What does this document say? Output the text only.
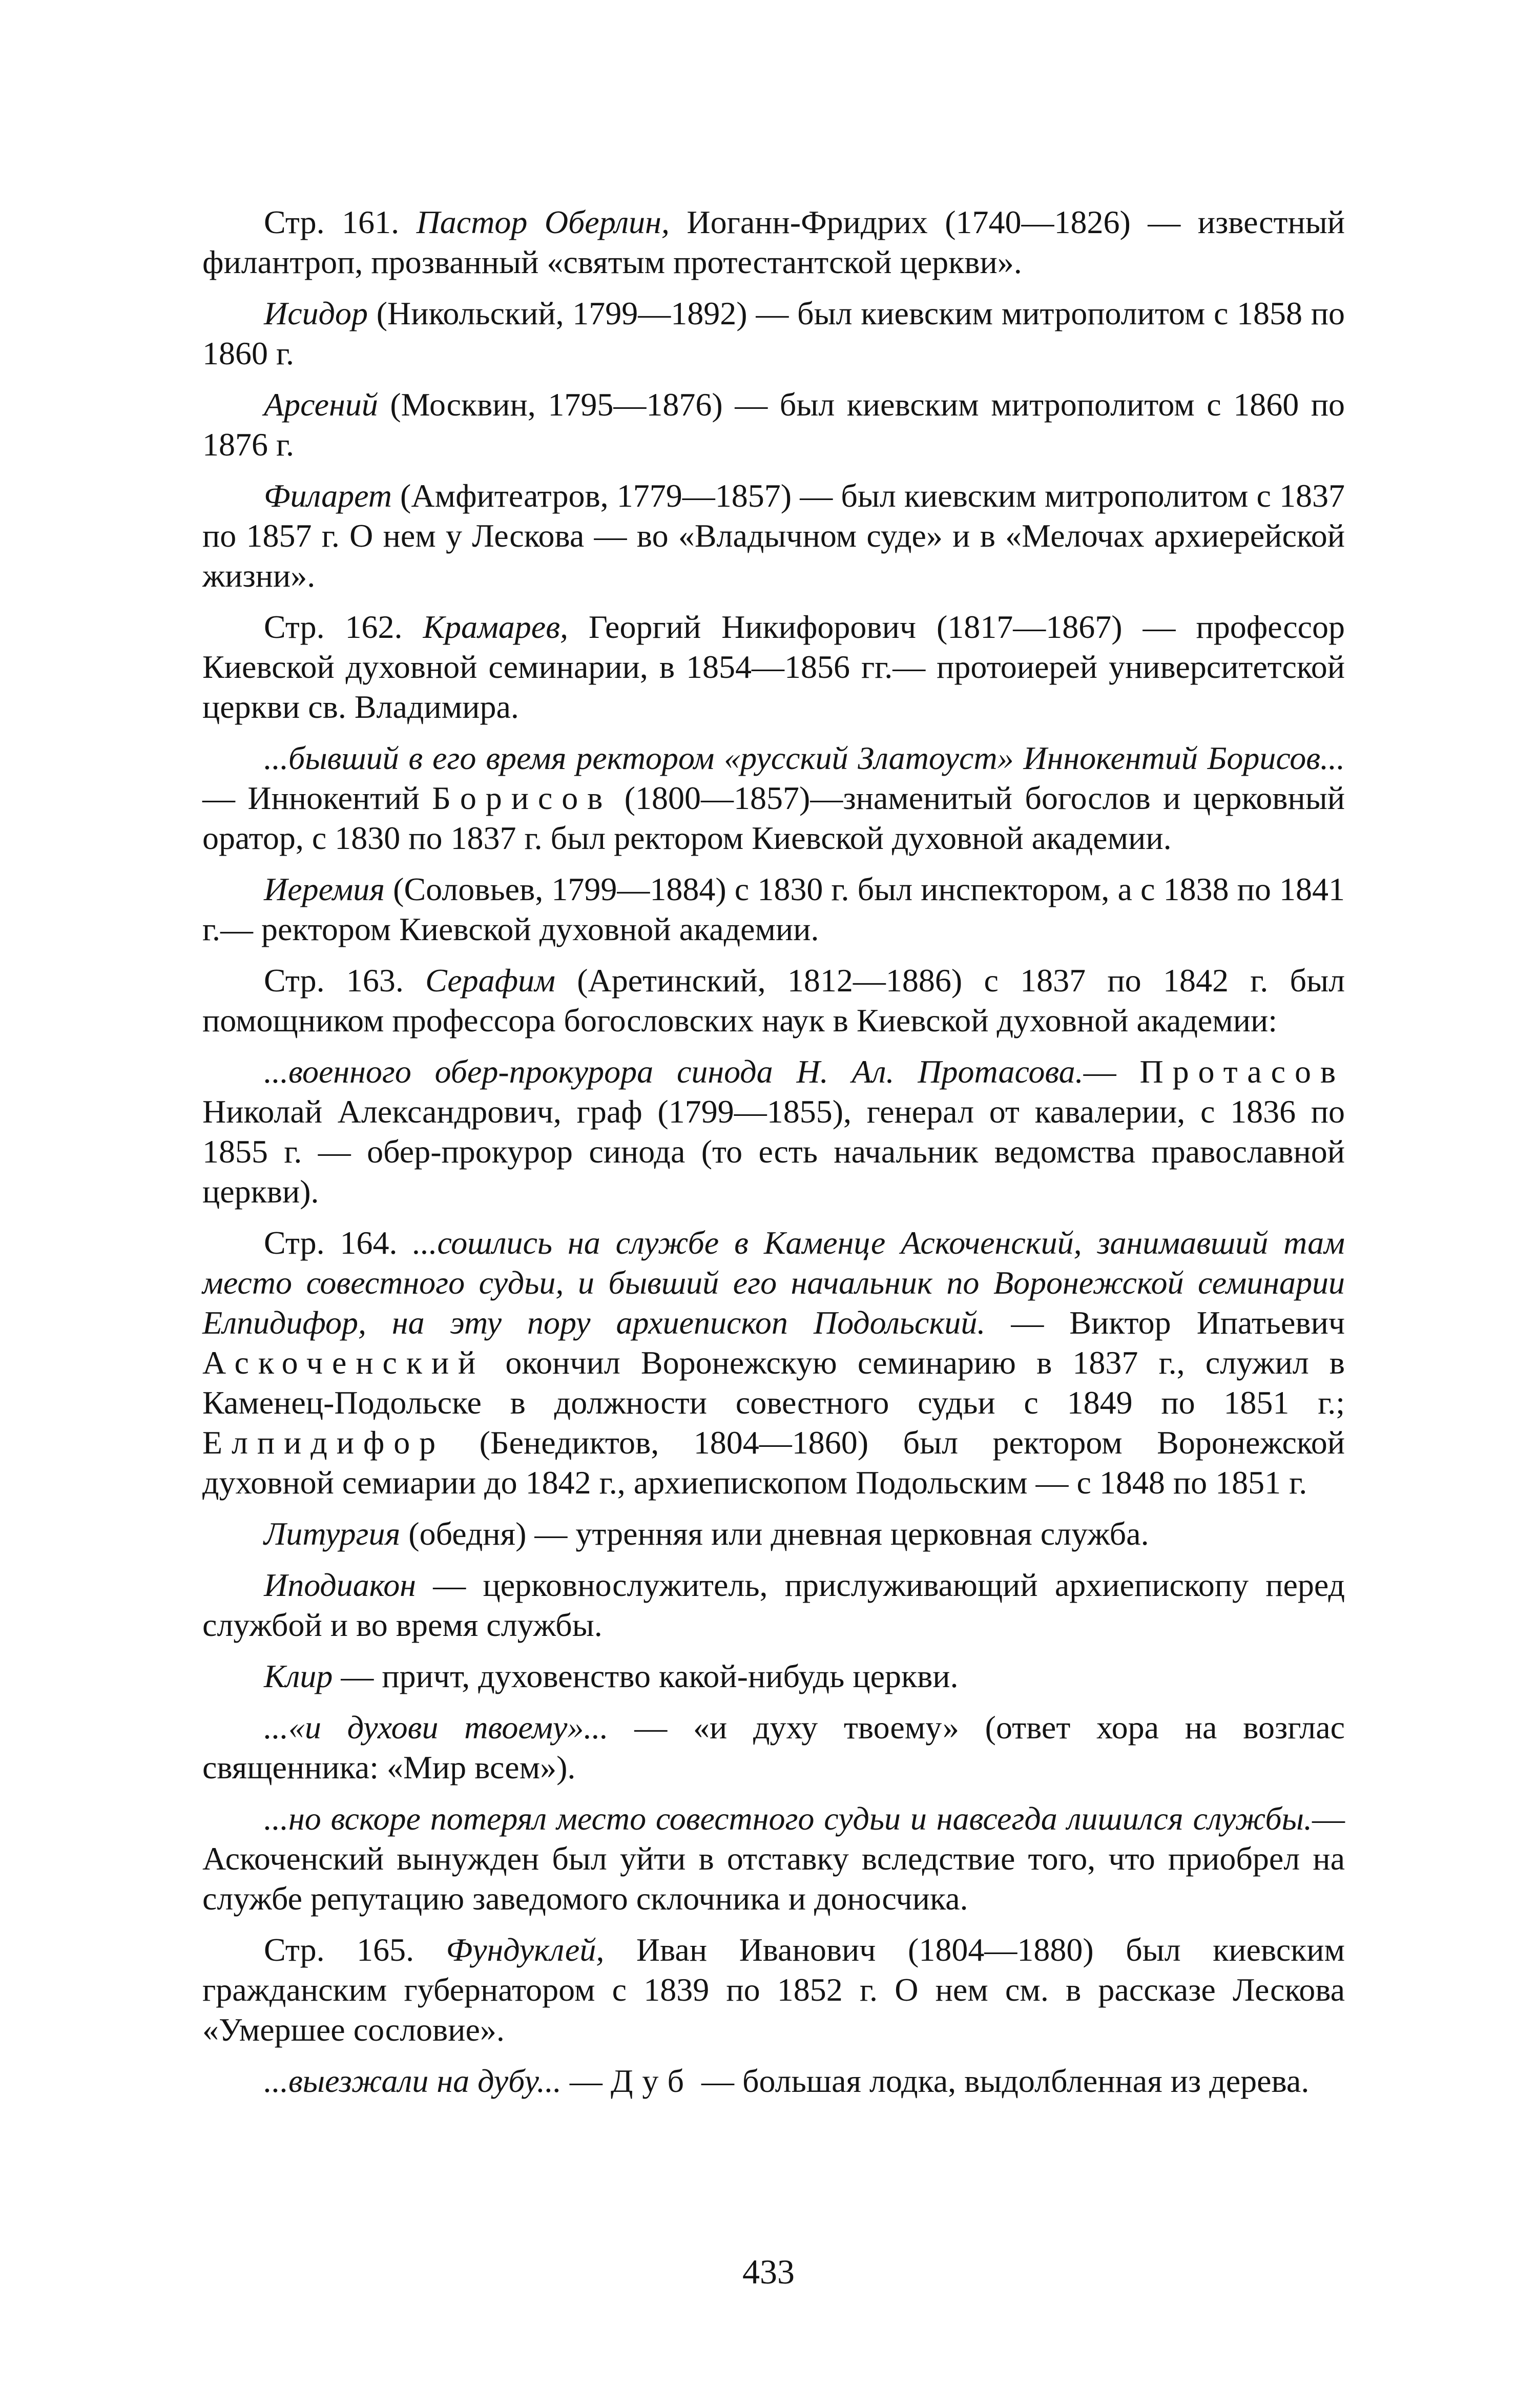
Стр. 161. Пастор Оберлин, Иоганн-Фридрих (1740—1826) — известный филантроп, прозванный «святым протестантской церкви».

Исидор (Никольский, 1799—1892) — был киевским митрополитом с 1858 по 1860 г.

Арсений (Москвин, 1795—1876) — был киевским митрополитом с 1860 по 1876 г.

Филарет (Амфитеатров, 1779—1857) — был киевским митрополитом с 1837 по 1857 г. О нем у Лескова — во «Владычном суде» и в «Мелочах архиерейской жизни».

Стр. 162. Крамарев, Георгий Никифорович (1817—1867) — профессор Киевской духовной семинарии, в 1854—1856 гг.— протоиерей университетской церкви св. Владимира.

...бывший в его время ректором «русский Златоуст» Иннокентий Борисов... — Иннокентий Борисов (1800—1857)—знаменитый богослов и церковный оратор, с 1830 по 1837 г. был ректором Киевской духовной академии.

Иеремия (Соловьев, 1799—1884) с 1830 г. был инспектором, а с 1838 по 1841 г.— ректором Киевской духовной академии.

Стр. 163. Серафим (Аретинский, 1812—1886) с 1837 по 1842 г. был помощником профессора богословских наук в Киевской духовной академии:

...военного обер-прокурора синода Н. Ал. Протасова.— Протасов Николай Александрович, граф (1799—1855), генерал от кавалерии, с 1836 по 1855 г. — обер-прокурор синода (то есть начальник ведомства православной церкви).

Стр. 164. ...сошлись на службе в Каменце Аскоченский, занимавший там место совестного судьи, и бывший его начальник по Воронежской семинарии Елпидифор, на эту пору архиепископ Подольский. — Виктор Ипатьевич Аскоченский окончил Воронежскую семинарию в 1837 г., служил в Каменец-Подольске в должности совестного судьи с 1849 по 1851 г.; Елпидифор (Бенедиктов, 1804—1860) был ректором Воронежской духовной семиарии до 1842 г., архиепископом Подольским — с 1848 по 1851 г.

Литургия (обедня) — утренняя или дневная церковная служба.

Иподиакон — церковнослужитель, прислуживающий архиепископу перед службой и во время службы.

Клир — причт, духовенство какой-нибудь церкви.

...«и духови твоему»... — «и духу твоему» (ответ хора на возглас священника: «Мир всем»).

...но вскоре потерял место совестного судьи и навсегда лишился службы.— Аскоченский вынужден был уйти в отставку вследствие того, что приобрел на службе репутацию заведомого склочника и доносчика.

Стр. 165. Фундуклей, Иван Иванович (1804—1880) был киевским гражданским губернатором с 1839 по 1852 г. О нем см. в рассказе Лескова «Умершее сословие».

...выезжали на дубу... — Дуб — большая лодка, выдолбленная из дерева.

433
